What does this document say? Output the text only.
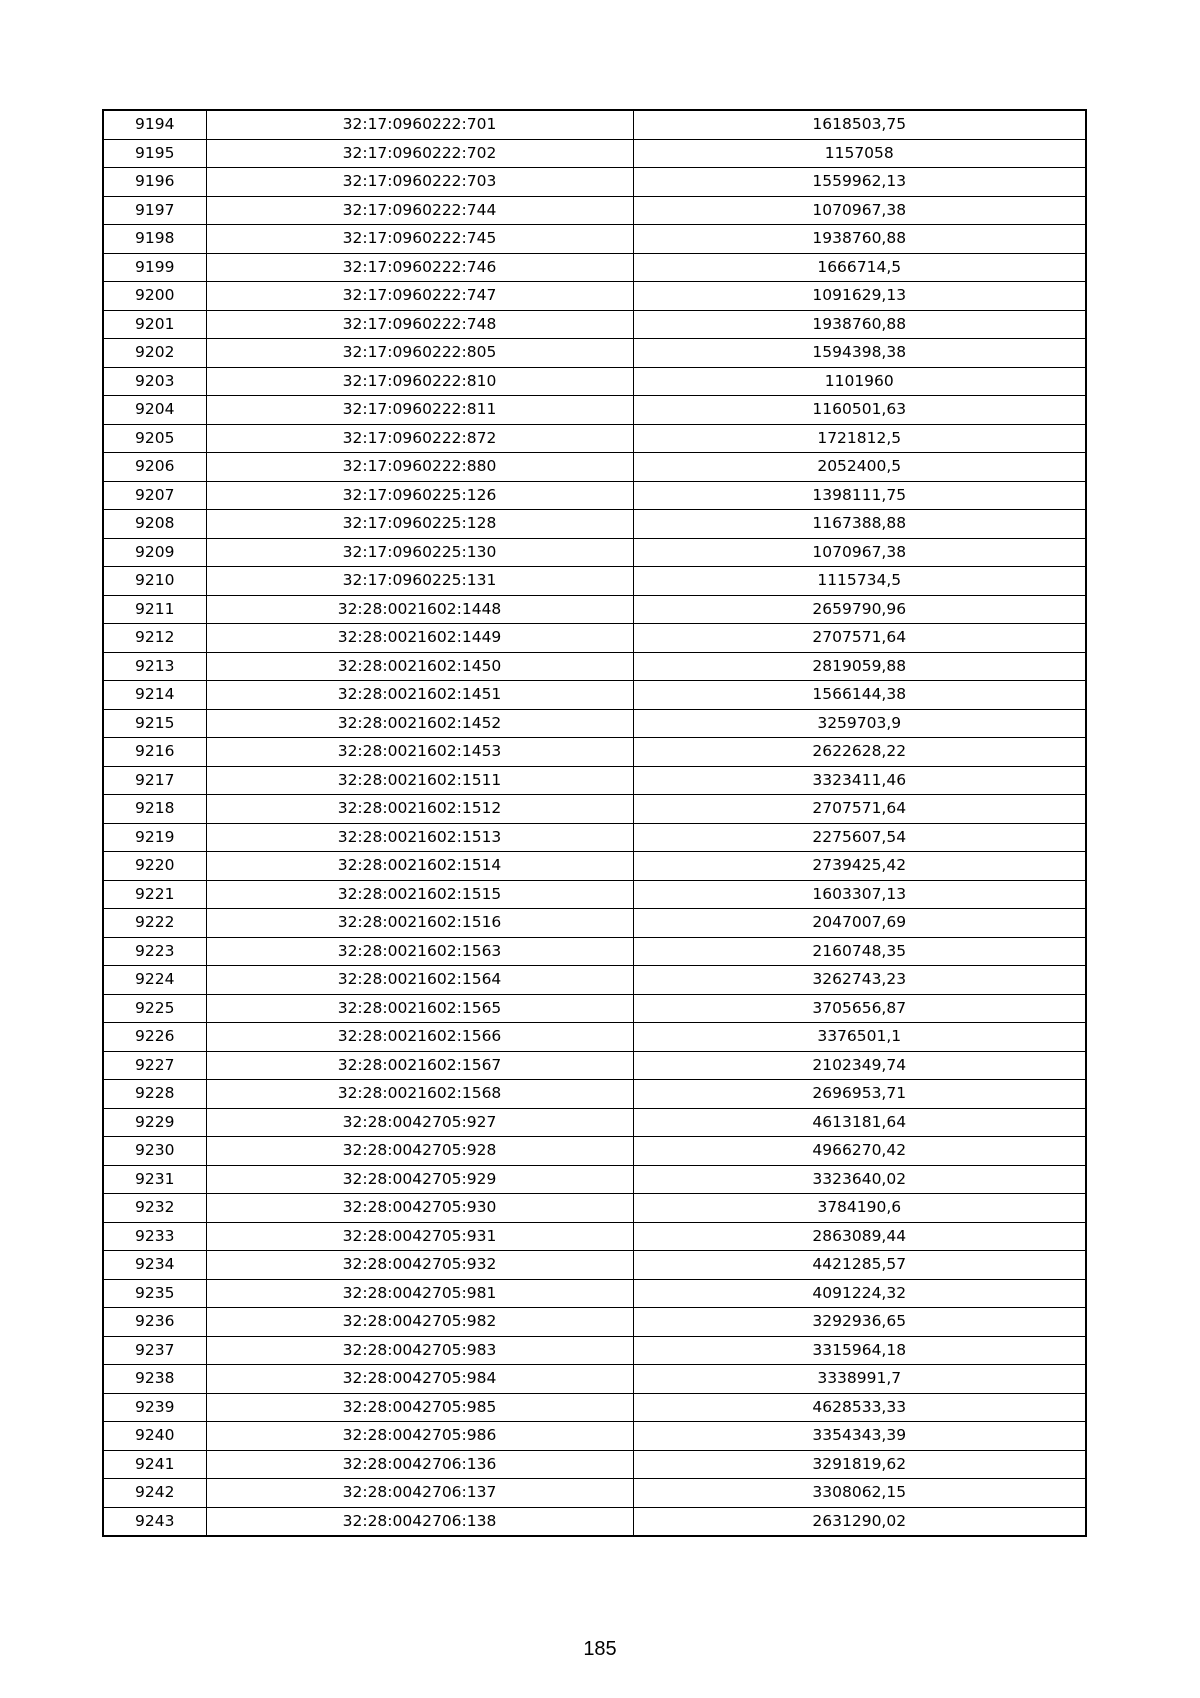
9194	32:17:0960222:701	1618503,75
9195	32:17:0960222:702	1157058
9196	32:17:0960222:703	1559962,13
9197	32:17:0960222:744	1070967,38
9198	32:17:0960222:745	1938760,88
9199	32:17:0960222:746	1666714,5
9200	32:17:0960222:747	1091629,13
9201	32:17:0960222:748	1938760,88
9202	32:17:0960222:805	1594398,38
9203	32:17:0960222:810	1101960
9204	32:17:0960222:811	1160501,63
9205	32:17:0960222:872	1721812,5
9206	32:17:0960222:880	2052400,5
9207	32:17:0960225:126	1398111,75
9208	32:17:0960225:128	1167388,88
9209	32:17:0960225:130	1070967,38
9210	32:17:0960225:131	1115734,5
9211	32:28:0021602:1448	2659790,96
9212	32:28:0021602:1449	2707571,64
9213	32:28:0021602:1450	2819059,88
9214	32:28:0021602:1451	1566144,38
9215	32:28:0021602:1452	3259703,9
9216	32:28:0021602:1453	2622628,22
9217	32:28:0021602:1511	3323411,46
9218	32:28:0021602:1512	2707571,64
9219	32:28:0021602:1513	2275607,54
9220	32:28:0021602:1514	2739425,42
9221	32:28:0021602:1515	1603307,13
9222	32:28:0021602:1516	2047007,69
9223	32:28:0021602:1563	2160748,35
9224	32:28:0021602:1564	3262743,23
9225	32:28:0021602:1565	3705656,87
9226	32:28:0021602:1566	3376501,1
9227	32:28:0021602:1567	2102349,74
9228	32:28:0021602:1568	2696953,71
9229	32:28:0042705:927	4613181,64
9230	32:28:0042705:928	4966270,42
9231	32:28:0042705:929	3323640,02
9232	32:28:0042705:930	3784190,6
9233	32:28:0042705:931	2863089,44
9234	32:28:0042705:932	4421285,57
9235	32:28:0042705:981	4091224,32
9236	32:28:0042705:982	3292936,65
9237	32:28:0042705:983	3315964,18
9238	32:28:0042705:984	3338991,7
9239	32:28:0042705:985	4628533,33
9240	32:28:0042705:986	3354343,39
9241	32:28:0042706:136	3291819,62
9242	32:28:0042706:137	3308062,15
9243	32:28:0042706:138	2631290,02
185
